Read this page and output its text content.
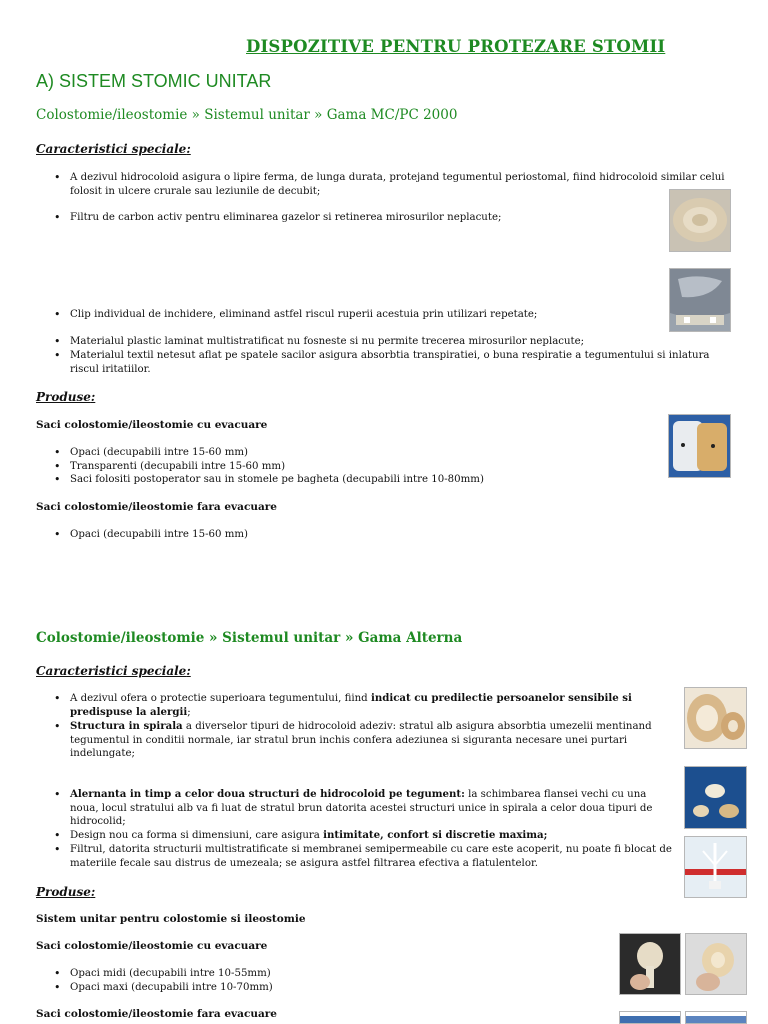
DISPOZITIVE PENTRU PROTEZARE STOMII
A) SISTEM STOMIC UNITAR
Colostomie/ileostomie » Sistemul unitar » Gama MC/PC 2000
Caracteristici speciale:
• A dezivul hidrocoloid asigura o lipire ferma, de lunga durata, protejand tegumentul periostomal, fiind hidrocoloid similar celui folosit in ulcere crurale sau leziunile de decubit;
• Filtru de carbon activ pentru eliminarea gazelor si retinerea mirosurilor neplacute;
• Clip individual de inchidere, eliminand astfel riscul ruperii acestuia prin utilizari repetate;
• Materialul plastic laminat multistratificat nu fosneste si nu permite trecerea mirosurilor neplacute;
• Materialul textil netesut aflat pe spatele sacilor asigura absorbtia transpiratiei, o buna respiratie a tegumentului si inlatura riscul iritatiilor.
Produse:
Saci colostomie/ileostomie cu evacuare
• Opaci (decupabili intre 15-60 mm)
• Transparenti (decupabili intre 15-60 mm)
• Saci folositi postoperator sau in stomele pe bagheta (decupabili intre 10-80mm)
Saci colostomie/ileostomie fara evacuare
• Opaci (decupabili intre 15-60 mm)
Colostomie/ileostomie » Sistemul unitar » Gama Alterna
Caracteristici speciale:
• A dezivul ofera o protectie superioara tegumentului, fiind indicat cu predilectie persoanelor sensibile si predispuse la alergii;
• Structura in spirala a diverselor tipuri de hidrocoloid adeziv: stratul alb asigura absorbtia umezelii mentinand tegumentul in conditii normale, iar stratul brun inchis confera adeziunea si siguranta necesare unei purtari indelungate;
• Alernanta in timp a celor doua structuri de hidrocoloid pe tegument: la schimbarea flansei vechi cu una noua, locul stratului alb va fi luat de stratul brun datorita acestei structuri unice in spirala a celor doua tipuri de hidrocolid;
• Design nou ca forma si dimensiuni, care asigura intimitate, confort si discretie maxima;
• Filtrul, datorita structurii multistratificate si membranei semipermeabile cu care este acoperit, nu poate fi blocat de materiile fecale sau distrus de umezeala; se asigura astfel filtrarea efectiva a flatulentelor.
Produse:
Sistem unitar pentru colostomie si ileostomie
Saci colostomie/ileostomie cu evacuare
• Opaci midi (decupabili intre 10-55mm)
• Opaci maxi (decupabili intre 10-70mm)
Saci colostomie/ileostomie fara evacuare
